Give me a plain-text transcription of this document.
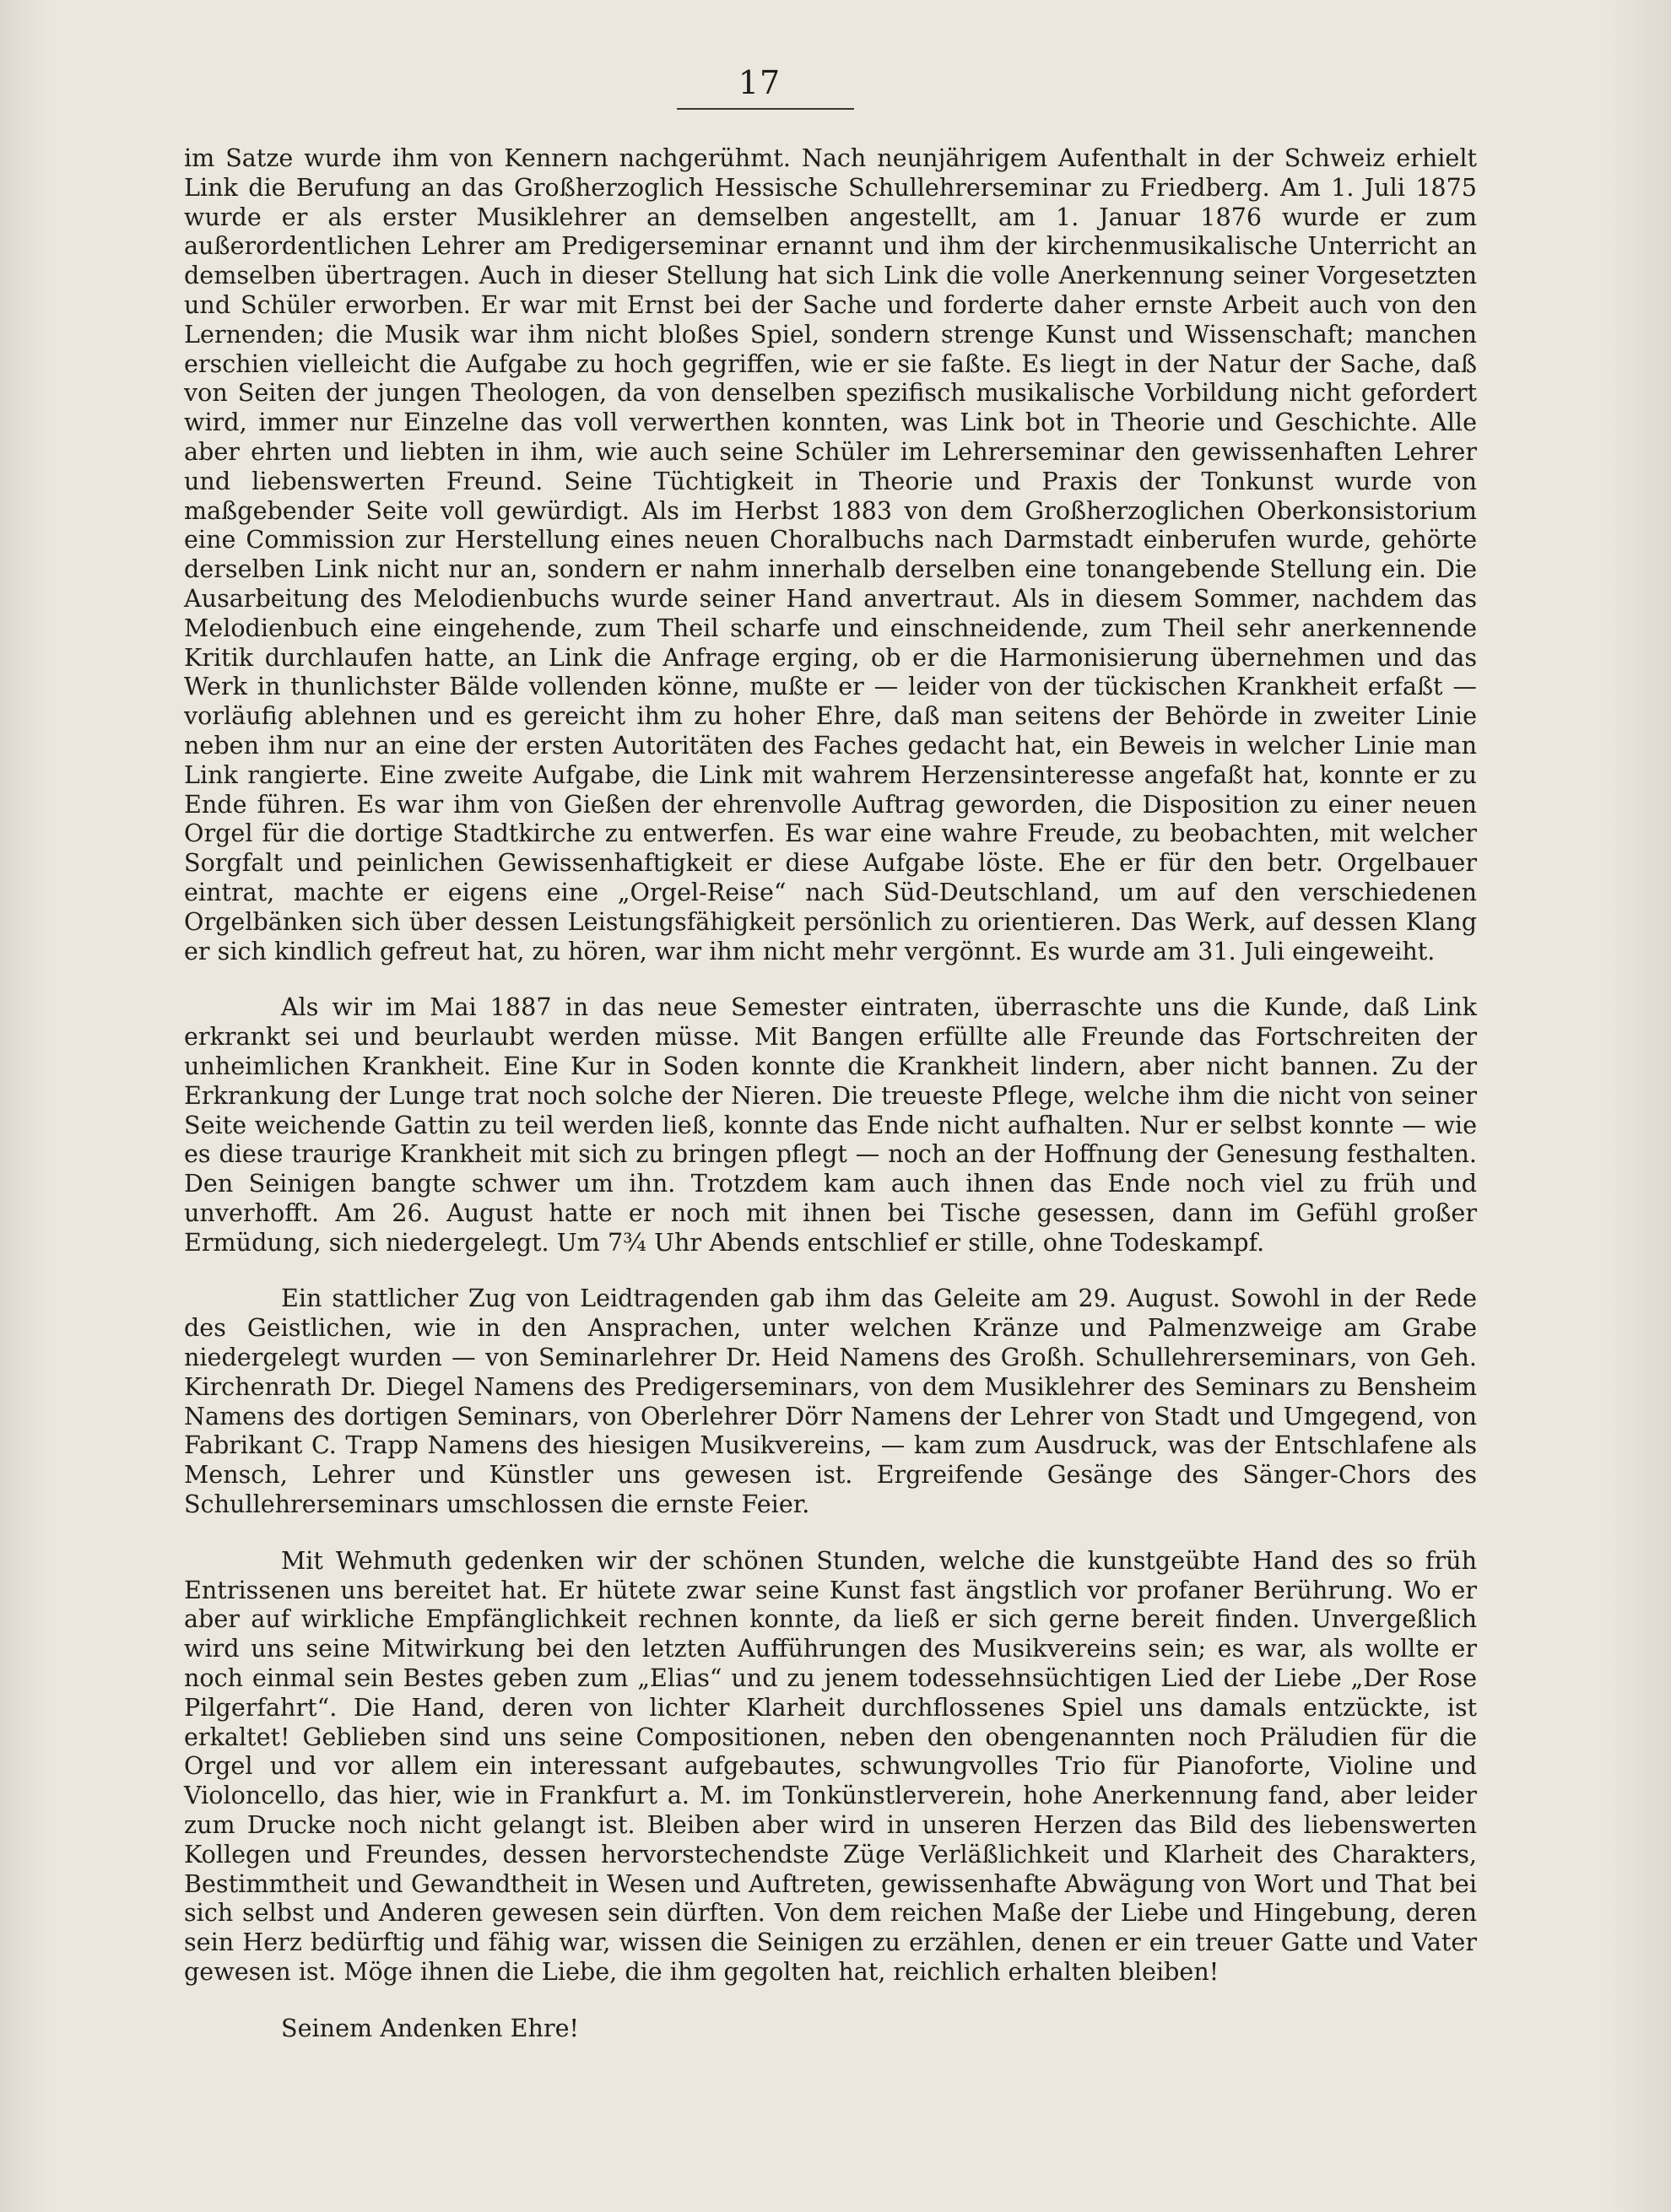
17

im Satze wurde ihm von Kennern nachgerühmt. Nach neunjährigem Aufenthalt in der Schweiz erhielt Link die Berufung an das Großherzoglich Hessische Schullehrerseminar zu Friedberg. Am 1. Juli 1875 wurde er als erster Musiklehrer an demselben angestellt, am 1. Januar 1876 wurde er zum außerordentlichen Lehrer am Predigerseminar ernannt und ihm der kirchenmusikalische Unterricht an demselben übertragen. Auch in dieser Stellung hat sich Link die volle Anerkennung seiner Vorgesetzten und Schüler erworben. Er war mit Ernst bei der Sache und forderte daher ernste Arbeit auch von den Lernenden; die Musik war ihm nicht bloßes Spiel, sondern strenge Kunst und Wissenschaft; manchen erschien vielleicht die Aufgabe zu hoch gegriffen, wie er sie faßte. Es liegt in der Natur der Sache, daß von Seiten der jungen Theologen, da von denselben spezifisch musikalische Vorbildung nicht gefordert wird, immer nur Einzelne das voll verwerthen konnten, was Link bot in Theorie und Geschichte. Alle aber ehrten und liebten in ihm, wie auch seine Schüler im Lehrerseminar den gewissenhaften Lehrer und liebenswerten Freund. Seine Tüchtigkeit in Theorie und Praxis der Tonkunst wurde von maßgebender Seite voll gewürdigt. Als im Herbst 1883 von dem Großherzoglichen Oberkonsistorium eine Commission zur Herstellung eines neuen Choralbuchs nach Darmstadt einberufen wurde, gehörte derselben Link nicht nur an, sondern er nahm innerhalb derselben eine tonangebende Stellung ein. Die Ausarbeitung des Melodienbuchs wurde seiner Hand anvertraut. Als in diesem Sommer, nachdem das Melodienbuch eine eingehende, zum Theil scharfe und einschneidende, zum Theil sehr anerkennende Kritik durchlaufen hatte, an Link die Anfrage erging, ob er die Harmonisierung übernehmen und das Werk in thunlichster Bälde vollenden könne, mußte er — leider von der tückischen Krankheit erfaßt — vorläufig ablehnen und es gereicht ihm zu hoher Ehre, daß man seitens der Behörde in zweiter Linie neben ihm nur an eine der ersten Autoritäten des Faches gedacht hat, ein Beweis in welcher Linie man Link rangierte. Eine zweite Aufgabe, die Link mit wahrem Herzensinteresse angefaßt hat, konnte er zu Ende führen. Es war ihm von Gießen der ehrenvolle Auftrag geworden, die Disposition zu einer neuen Orgel für die dortige Stadtkirche zu entwerfen. Es war eine wahre Freude, zu beobachten, mit welcher Sorgfalt und peinlichen Gewissenhaftigkeit er diese Aufgabe löste. Ehe er für den betr. Orgelbauer eintrat, machte er eigens eine „Orgel-Reise“ nach Süd-Deutschland, um auf den verschiedenen Orgelbänken sich über dessen Leistungsfähigkeit persönlich zu orientieren. Das Werk, auf dessen Klang er sich kindlich gefreut hat, zu hören, war ihm nicht mehr vergönnt. Es wurde am 31. Juli eingeweiht.

Als wir im Mai 1887 in das neue Semester eintraten, überraschte uns die Kunde, daß Link erkrankt sei und beurlaubt werden müsse. Mit Bangen erfüllte alle Freunde das Fortschreiten der unheimlichen Krankheit. Eine Kur in Soden konnte die Krankheit lindern, aber nicht bannen. Zu der Erkrankung der Lunge trat noch solche der Nieren. Die treueste Pflege, welche ihm die nicht von seiner Seite weichende Gattin zu teil werden ließ, konnte das Ende nicht aufhalten. Nur er selbst konnte — wie es diese traurige Krankheit mit sich zu bringen pflegt — noch an der Hoffnung der Genesung festhalten. Den Seinigen bangte schwer um ihn. Trotzdem kam auch ihnen das Ende noch viel zu früh und unverhofft. Am 26. August hatte er noch mit ihnen bei Tische gesessen, dann im Gefühl großer Ermüdung, sich niedergelegt. Um 7¾ Uhr Abends entschlief er stille, ohne Todeskampf.

Ein stattlicher Zug von Leidtragenden gab ihm das Geleite am 29. August. Sowohl in der Rede des Geistlichen, wie in den Ansprachen, unter welchen Kränze und Palmenzweige am Grabe niedergelegt wurden — von Seminarlehrer Dr. Heid Namens des Großh. Schullehrerseminars, von Geh. Kirchenrath Dr. Diegel Namens des Predigerseminars, von dem Musiklehrer des Seminars zu Bensheim Namens des dortigen Seminars, von Oberlehrer Dörr Namens der Lehrer von Stadt und Umgegend, von Fabrikant C. Trapp Namens des hiesigen Musikvereins, — kam zum Ausdruck, was der Entschlafene als Mensch, Lehrer und Künstler uns gewesen ist. Ergreifende Gesänge des Sänger-Chors des Schullehrerseminars umschlossen die ernste Feier.

Mit Wehmuth gedenken wir der schönen Stunden, welche die kunstgeübte Hand des so früh Entrissenen uns bereitet hat. Er hütete zwar seine Kunst fast ängstlich vor profaner Berührung. Wo er aber auf wirkliche Empfänglichkeit rechnen konnte, da ließ er sich gerne bereit finden. Unvergeßlich wird uns seine Mitwirkung bei den letzten Aufführungen des Musikvereins sein; es war, als wollte er noch einmal sein Bestes geben zum „Elias“ und zu jenem todessehnsüchtigen Lied der Liebe „Der Rose Pilgerfahrt“. Die Hand, deren von lichter Klarheit durchflossenes Spiel uns damals entzückte, ist erkaltet! Geblieben sind uns seine Compositionen, neben den obengenannten noch Präludien für die Orgel und vor allem ein interessant aufgebautes, schwungvolles Trio für Pianoforte, Violine und Violoncello, das hier, wie in Frankfurt a. M. im Tonkünstlerverein, hohe Anerkennung fand, aber leider zum Drucke noch nicht gelangt ist. Bleiben aber wird in unseren Herzen das Bild des liebenswerten Kollegen und Freundes, dessen hervorstechendste Züge Verläßlichkeit und Klarheit des Charakters, Bestimmtheit und Gewandtheit in Wesen und Auftreten, gewissenhafte Abwägung von Wort und That bei sich selbst und Anderen gewesen sein dürften. Von dem reichen Maße der Liebe und Hingebung, deren sein Herz bedürftig und fähig war, wissen die Seinigen zu erzählen, denen er ein treuer Gatte und Vater gewesen ist. Möge ihnen die Liebe, die ihm gegolten hat, reichlich erhalten bleiben!

Seinem Andenken Ehre!
